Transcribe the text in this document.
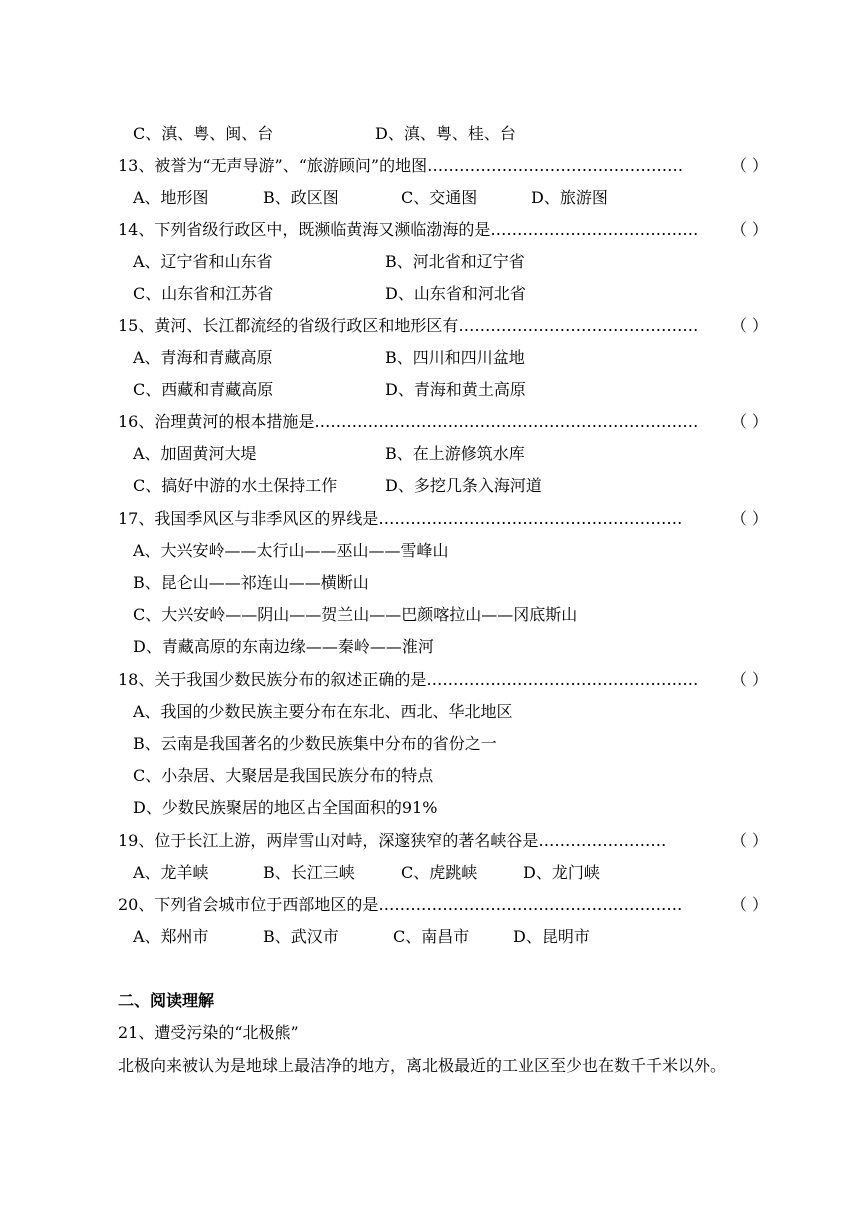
C、滇、粤、闽、台	D、滇、粤、桂、台
13、被誉为“无声导游”、“旅游顾问”的地图…………………………………………	（ ）
A、地形图	B、政区图	C、交通图	D、旅游图
14、下列省级行政区中，既濒临黄海又濒临渤海的是………………………………… （ ）
A、辽宁省和山东省	B、河北省和辽宁省
C、山东省和江苏省	D、山东省和河北省
15、黄河、长江都流经的省级行政区和地形区有……………………………………… （ ）
A、青海和青藏高原	B、四川和四川盆地
C、西藏和青藏高原	D、青海和黄土高原
16、治理黄河的根本措施是……………………………………………………………… （ ）
A、加固黄河大堤	B、在上游修筑水库
C、搞好中游的水土保持工作	D、多挖几条入海河道
17、我国季风区与非季风区的界线是…………………………………………………	（ ）
A、大兴安岭——太行山——巫山——雪峰山
B、昆仑山——祁连山——横断山
C、大兴安岭——阴山——贺兰山——巴颜喀拉山——冈底斯山
D、青藏高原的东南边缘——秦岭——淮河
18、关于我国少数民族分布的叙述正确的是…………………………………………… （ ）
A、我国的少数民族主要分布在东北、西北、华北地区
B、云南是我国著名的少数民族集中分布的省份之一
C、小杂居、大聚居是我国民族分布的特点
D、少数民族聚居的地区占全国面积的91%
19、位于长江上游，两岸雪山对峙，深邃狭窄的著名峡谷是……………………	（ ）
A、龙羊峡	B、长江三峡	C、虎跳峡	D、龙门峡
20、下列省会城市位于西部地区的是…………………………………………………	（ ）
A、郑州市	B、武汉市	C、南昌市	D、昆明市
二、阅读理解
21、遭受污染的“北极熊”
北极向来被认为是地球上最洁净的地方，离北极最近的工业区至少也在数千千米以外。
